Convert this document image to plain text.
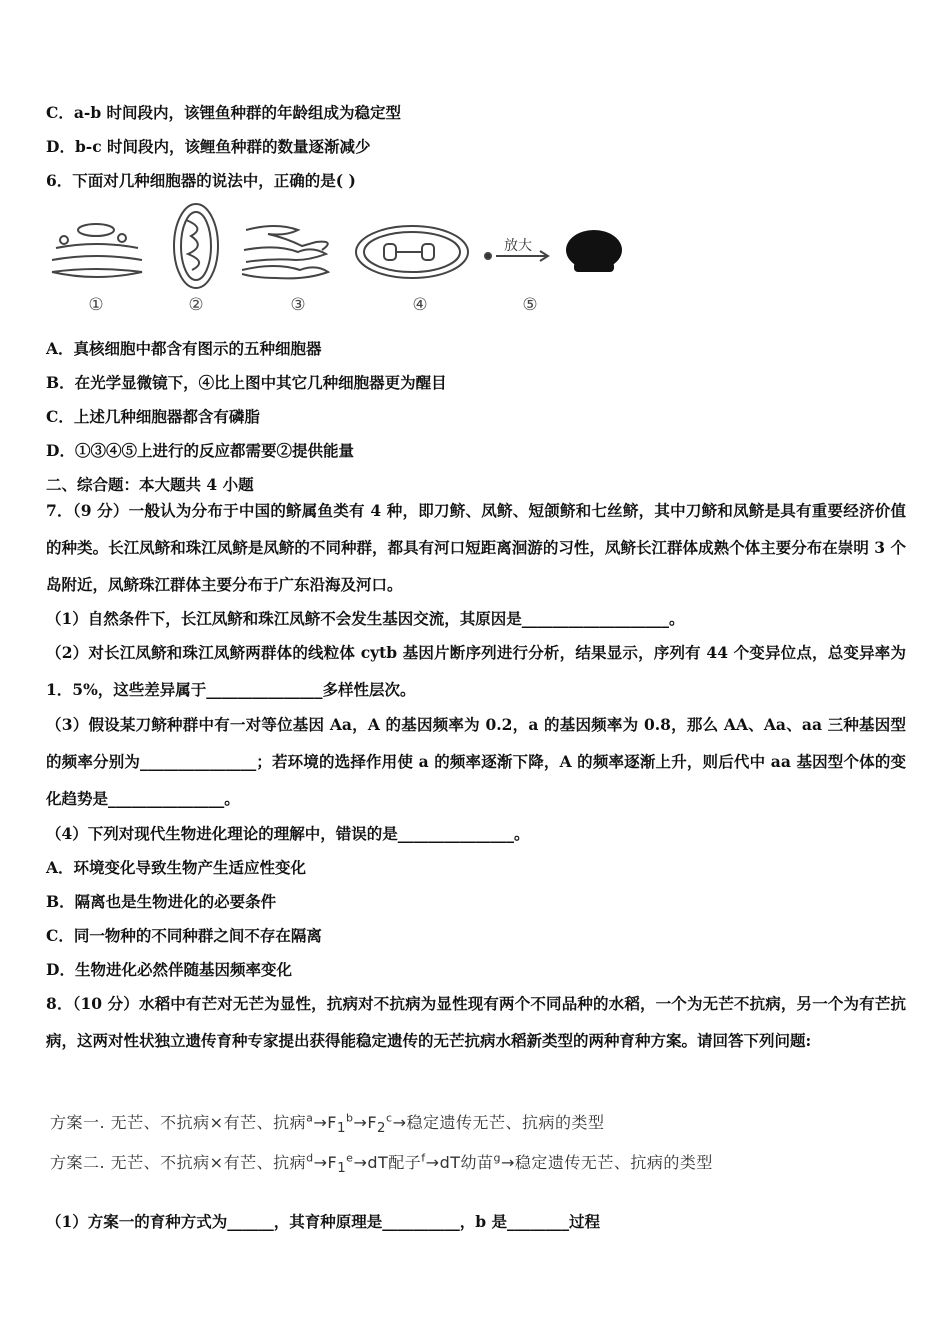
C．a-b 时间段内，该锂鱼种群的年龄组成为稳定型
D．b-c 时间段内，该鲤鱼种群的数量逐渐减少
6．下面对几种细胞器的说法中，正确的是( )
放大
①	②	③	④	⑤
A．真核细胞中都含有图示的五种细胞器
B．在光学显微镜下，④比上图中其它几种细胞器更为醒目
C．上述几种细胞器都含有磷脂
D．①③④⑤上进行的反应都需要②提供能量
二、综合题：本大题共 4 小题
7．（9 分）一般认为分布于中国的鲚属鱼类有 4 种，即刀鲚、凤鲚、短颌鲚和七丝鲚，其中刀鲚和凤鲚是具有重要经济价值的种类。长江凤鲚和珠江凤鲚是凤鲚的不同种群，都具有河口短距离洄游的习性，凤鲚长江群体成熟个体主要分布在崇明 3 个岛附近，凤鲚珠江群体主要分布于广东沿海及河口。
（1）自然条件下，长江凤鲚和珠江凤鲚不会发生基因交流，其原因是___________________。
（2）对长江凤鲚和珠江凤鲚两群体的线粒体 cytb 基因片断序列进行分析，结果显示，序列有 44 个变异位点，总变异率为 1．5%，这些差异属于_______________多样性层次。
（3）假设某刀鲚种群中有一对等位基因 Aa，A 的基因频率为 0.2，a 的基因频率为 0.8，那么 AA、Aa、aa 三种基因型的频率分别为_______________；若环境的选择作用使 a 的频率逐渐下降，A 的频率逐渐上升，则后代中 aa 基因型个体的变化趋势是_______________。
（4）下列对现代生物进化理论的理解中，错误的是_______________。
A．环境变化导致生物产生适应性变化
B．隔离也是生物进化的必要条件
C．同一物种的不同种群之间不存在隔离
D．生物进化必然伴随基因频率变化
8．（10 分）水稻中有芒对无芒为显性，抗病对不抗病为显性现有两个不同品种的水稻，一个为无芒不抗病，另一个为有芒抗病，这两对性状独立遗传育种专家提出获得能稳定遗传的无芒抗病水稻新类型的两种育种方案。请回答下列问题:
方案一. 无芒、不抗病×有芒、抗病$^a\to F_1^b\to F_2^c\to$稳定遗传无芒、抗病的类型
方案二. 无芒、不抗病×有芒、抗病$^d\to F_1^e\to dT$配子$^f$→dT幼苗$^g$→稳定遗传无芒、抗病的类型
（1）方案一的育种方式为______，其育种原理是__________，b 是________过程
